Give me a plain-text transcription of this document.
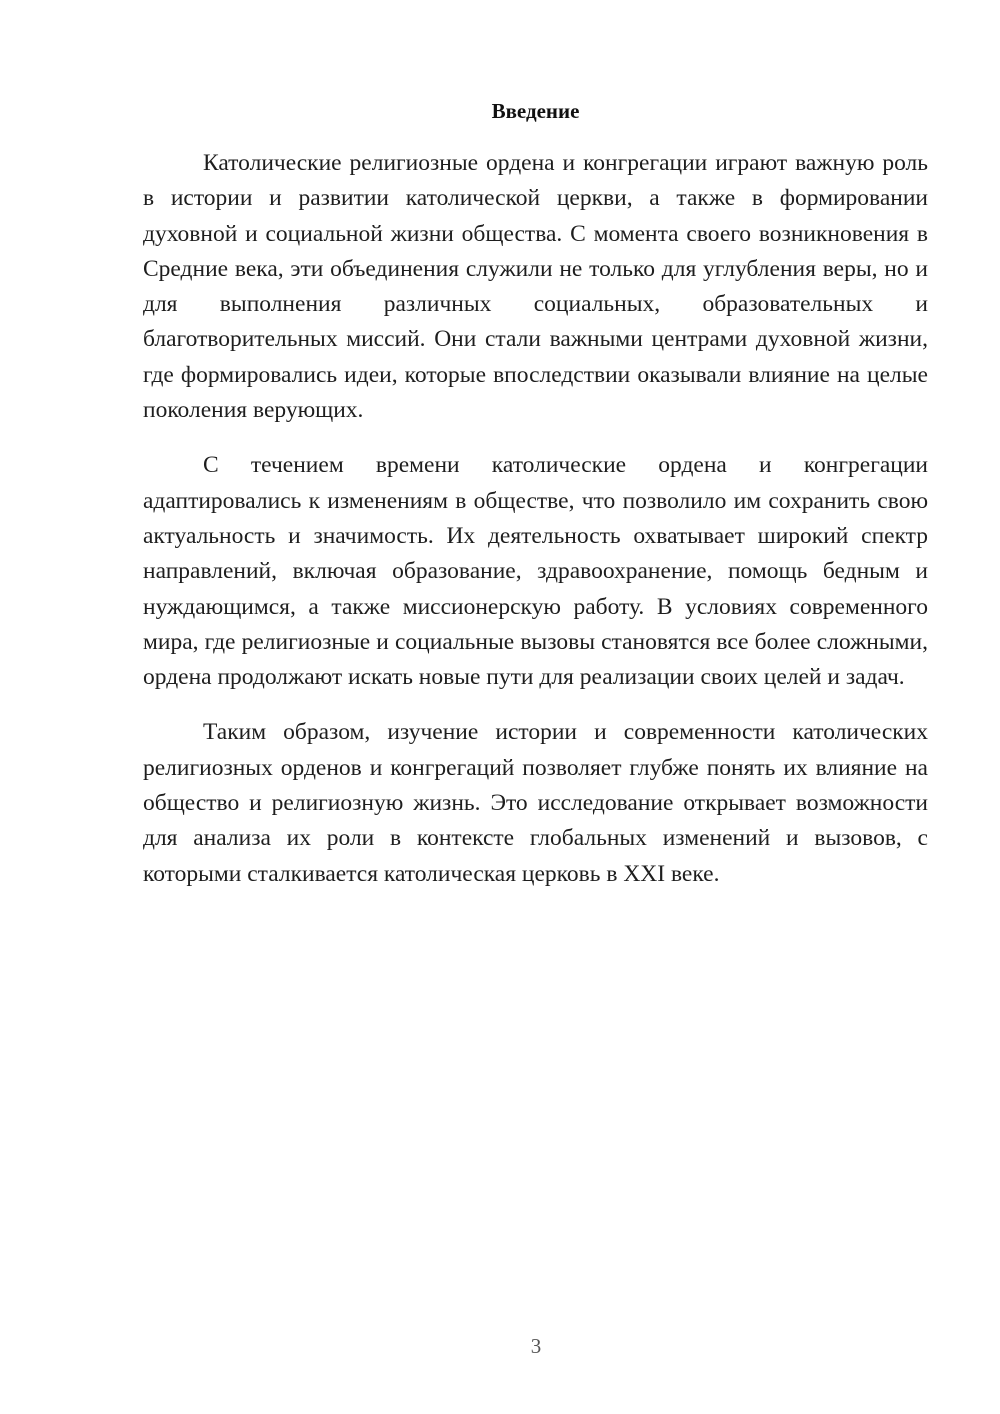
Введение

Католические религиозные ордена и конгрегации играют важную роль в истории и развитии католической церкви, а также в формировании духовной и социальной жизни общества. С момента своего возникновения в Средние века, эти объединения служили не только для углубления веры, но и для выполнения различных социальных, образовательных и благотворительных миссий. Они стали важными центрами духовной жизни, где формировались идеи, которые впоследствии оказывали влияние на целые поколения верующих.

С течением времени католические ордена и конгрегации адаптировались к изменениям в обществе, что позволило им сохранить свою актуальность и значимость. Их деятельность охватывает широкий спектр направлений, включая образование, здравоохранение, помощь бедным и нуждающимся, а также миссионерскую работу. В условиях современного мира, где религиозные и социальные вызовы становятся все более сложными, ордена продолжают искать новые пути для реализации своих целей и задач.

Таким образом, изучение истории и современности католических религиозных орденов и конгрегаций позволяет глубже понять их влияние на общество и религиозную жизнь. Это исследование открывает возможности для анализа их роли в контексте глобальных изменений и вызовов, с которыми сталкивается католическая церковь в XXI веке.

3
